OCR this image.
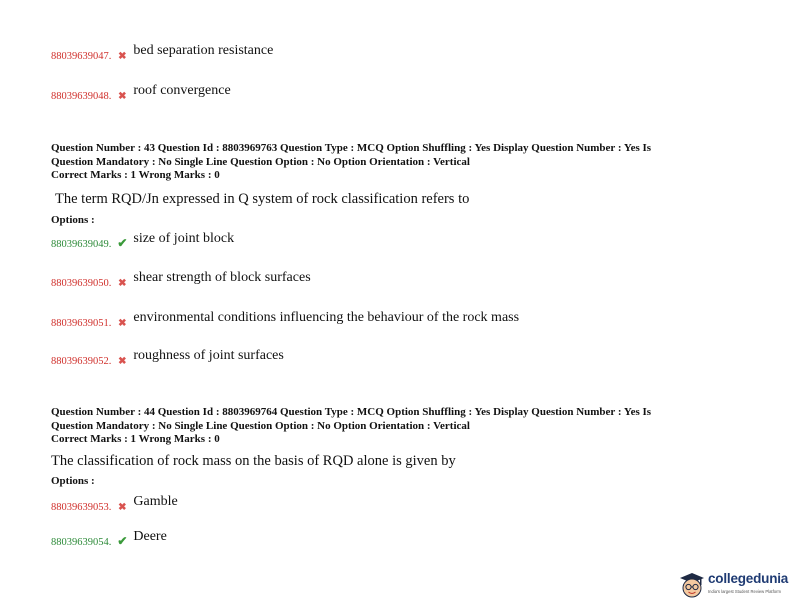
88039639047. ✖ bed separation resistance
88039639048. ✖ roof convergence
Question Number : 43 Question Id : 8803969763 Question Type : MCQ Option Shuffling : Yes Display Question Number : Yes Is
Question Mandatory : No Single Line Question Option : No Option Orientation : Vertical
Correct Marks : 1 Wrong Marks : 0
The term RQD/Jn expressed in Q system of rock classification refers to
Options :
88039639049. ✔ size of joint block
88039639050. ✖ shear strength of block surfaces
88039639051. ✖ environmental conditions influencing the behaviour of the rock mass
88039639052. ✖ roughness of joint surfaces
Question Number : 44 Question Id : 8803969764 Question Type : MCQ Option Shuffling : Yes Display Question Number : Yes Is
Question Mandatory : No Single Line Question Option : No Option Orientation : Vertical
Correct Marks : 1 Wrong Marks : 0
The classification of rock mass on the basis of RQD alone is given by
Options :
88039639053. ✖ Gamble
88039639054. ✔ Deere
collegedunia
India's largest Student Review Platform
